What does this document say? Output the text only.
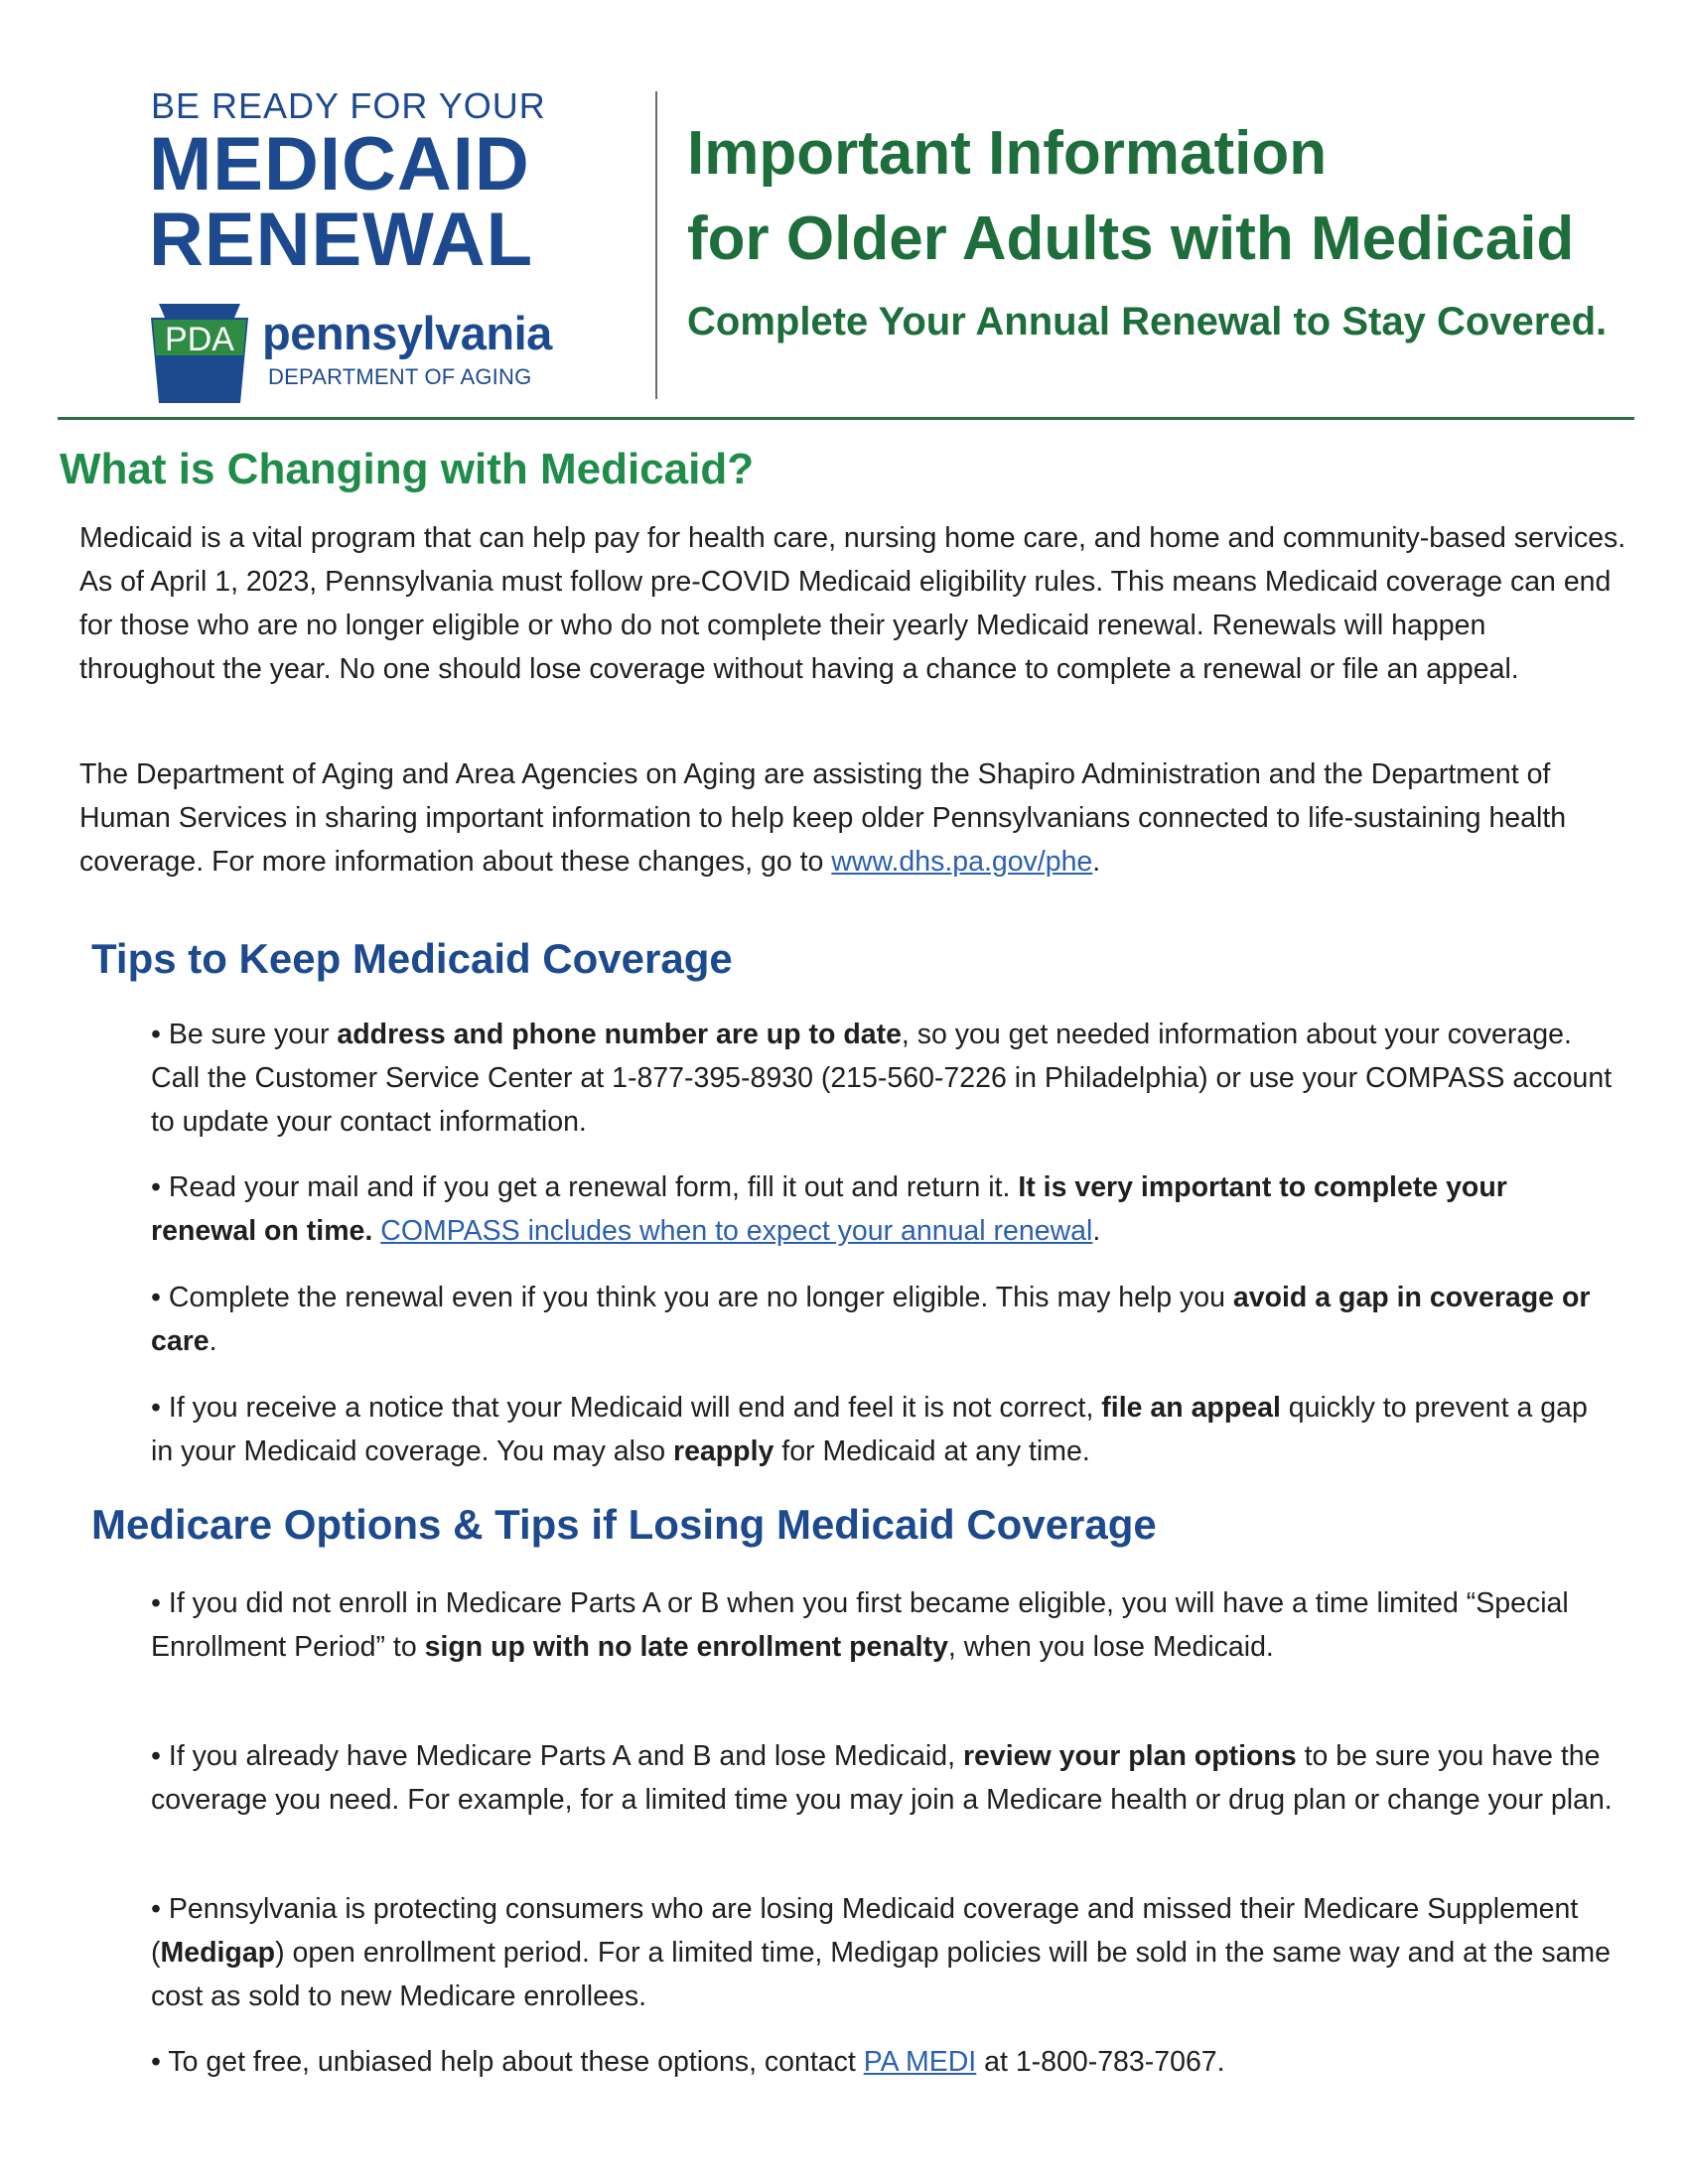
BE READY FOR YOUR
MEDICAID
RENEWAL
PDA pennsylvania
DEPARTMENT OF AGING
Important Information
for Older Adults with Medicaid
Complete Your Annual Renewal to Stay Covered.
What is Changing with Medicaid?

Medicaid is a vital program that can help pay for health care, nursing home care, and home and community-based services. As of April 1, 2023, Pennsylvania must follow pre-COVID Medicaid eligibility rules. This means Medicaid coverage can end for those who are no longer eligible or who do not complete their yearly Medicaid renewal. Renewals will happen throughout the year. No one should lose coverage without having a chance to complete a renewal or file an appeal.

The Department of Aging and Area Agencies on Aging are assisting the Shapiro Administration and the Department of Human Services in sharing important information to help keep older Pennsylvanians connected to life-sustaining health coverage. For more information about these changes, go to www.dhs.pa.gov/phe.

Tips to Keep Medicaid Coverage

• Be sure your address and phone number are up to date, so you get needed information about your coverage. Call the Customer Service Center at 1-877-395-8930 (215-560-7226 in Philadelphia) or use your COMPASS account to update your contact information.

• Read your mail and if you get a renewal form, fill it out and return it. It is very important to complete your renewal on time. COMPASS includes when to expect your annual renewal.

• Complete the renewal even if you think you are no longer eligible. This may help you avoid a gap in coverage or care.

• If you receive a notice that your Medicaid will end and feel it is not correct, file an appeal quickly to prevent a gap in your Medicaid coverage. You may also reapply for Medicaid at any time.

Medicare Options & Tips if Losing Medicaid Coverage

• If you did not enroll in Medicare Parts A or B when you first became eligible, you will have a time limited “Special Enrollment Period” to sign up with no late enrollment penalty, when you lose Medicaid.

• If you already have Medicare Parts A and B and lose Medicaid, review your plan options to be sure you have the coverage you need. For example, for a limited time you may join a Medicare health or drug plan or change your plan.

• Pennsylvania is protecting consumers who are losing Medicaid coverage and missed their Medicare Supplement (Medigap) open enrollment period. For a limited time, Medigap policies will be sold in the same way and at the same cost as sold to new Medicare enrollees.

• To get free, unbiased help about these options, contact PA MEDI at 1-800-783-7067.
